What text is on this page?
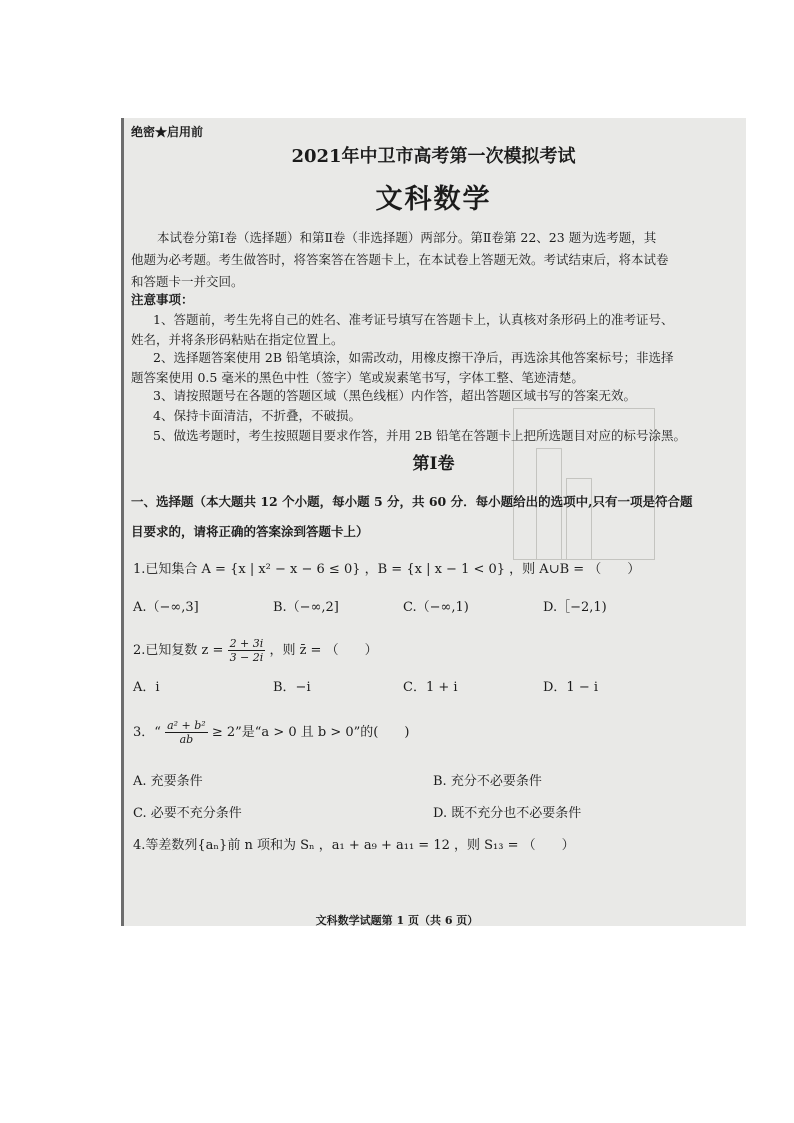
绝密★启用前
2021年中卫市高考第一次模拟考试
文科数学
本试卷分第Ⅰ卷（选择题）和第Ⅱ卷（非选择题）两部分。第Ⅱ卷第 22、23 题为选考题，其
他题为必考题。考生做答时，将答案答在答题卡上，在本试卷上答题无效。考试结束后，将本试卷
和答题卡一并交回。
注意事项：
1、答题前，考生先将自己的姓名、准考证号填写在答题卡上，认真核对条形码上的准考证号、
姓名，并将条形码粘贴在指定位置上。
2、选择题答案使用 2B 铅笔填涂，如需改动，用橡皮擦干净后，再选涂其他答案标号；非选择
题答案使用 0.5 毫米的黑色中性（签字）笔或炭素笔书写，字体工整、笔迹清楚。
3、请按照题号在各题的答题区域（黑色线框）内作答，超出答题区域书写的答案无效。
4、保持卡面清洁，不折叠，不破损。
5、做选考题时，考生按照题目要求作答，并用 2B 铅笔在答题卡上把所选题目对应的标号涂黑。
第Ⅰ卷
一、选择题（本大题共 12 个小题，每小题 5 分，共 60 分．每小题给出的选项中,只有一项是符合题
目要求的，请将正确的答案涂到答题卡上）
1.已知集合 A = {x | x² − x − 6 ≤ 0} ，B = {x | x − 1 < 0} ，则 A∪B = （　　）
A.（−∞,3]	B.（−∞,2]	C.（−∞,1)	D.［−2,1)
2.已知复数 $z = \frac{2 + 3i}{3 - 2i}$ ，则 z̄ = （　　）
A．i	B．−i	C．1 + i	D．1 − i
3．“ $\frac{\text{a² + b²}}{ab} \ge 2$”是“a > 0 且 b > 0”的(　　)
A. 充要条件	B. 充分不必要条件
C. 必要不充分条件	D. 既不充分也不必要条件
4.等差数列{aₙ}前 n 项和为 Sₙ ，a₁ + a₉ + a₁₁ = 12 ，则 S₁₃ = （　　）
文科数学试题第 1 页（共 6 页）
